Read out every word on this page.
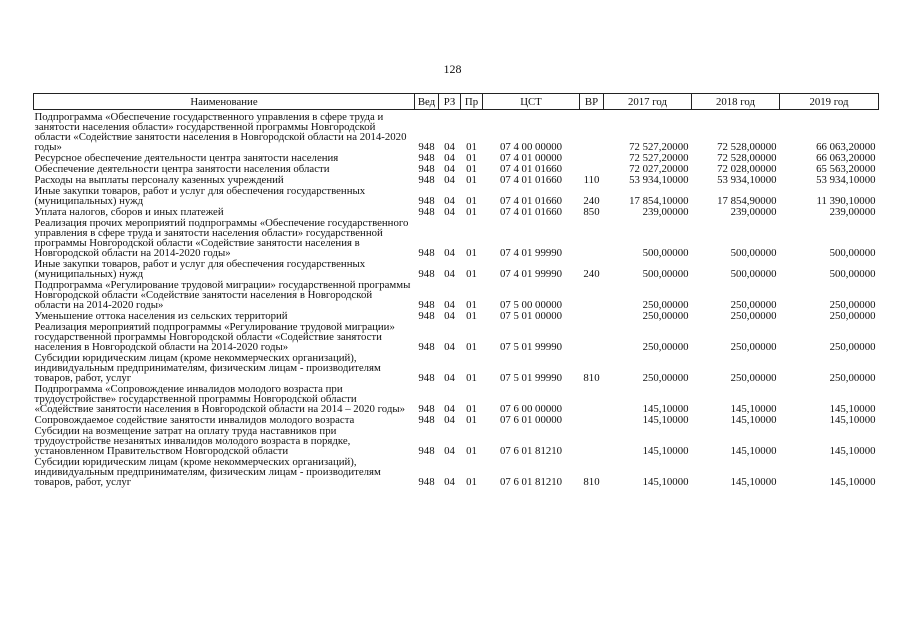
128
Наименование	Вед	РЗ	Пр	ЦСТ	ВР	2017 год	2018 год	2019 год
Подпрограмма «Обеспечение государственного управления в сфере труда и занятости населения области» государственной программы Новгородской области «Содействие занятости населения в Новгородской области на 2014-2020 годы»	948	04	01	07 4 00 00000		72 527,20000	72 528,00000	66 063,20000
Ресурсное обеспечение деятельности центра занятости населения	948	04	01	07 4 01 00000		72 527,20000	72 528,00000	66 063,20000
Обеспечение деятельности центра занятости населения области	948	04	01	07 4 01 01660		72 027,20000	72 028,00000	65 563,20000
Расходы на выплаты персоналу казенных учреждений	948	04	01	07 4 01 01660	110	53 934,10000	53 934,10000	53 934,10000
Иные закупки товаров, работ и услуг для обеспечения государственных (муниципальных) нужд	948	04	01	07 4 01 01660	240	17 854,10000	17 854,90000	11 390,10000
Уплата налогов, сборов и иных платежей	948	04	01	07 4 01 01660	850	239,00000	239,00000	239,00000
Реализация прочих мероприятий подпрограммы «Обеспечение государственного управления в сфере труда и занятости населения области» государственной программы Новгородской области «Содействие занятости населения в Новгородской области на 2014-2020 годы»	948	04	01	07 4 01 99990		500,00000	500,00000	500,00000
Иные закупки товаров, работ и услуг для обеспечения государственных (муниципальных) нужд	948	04	01	07 4 01 99990	240	500,00000	500,00000	500,00000
Подпрограмма «Регулирование трудовой миграции» государственной программы Новгородской области «Содействие занятости населения в Новгородской области на 2014-2020 годы»	948	04	01	07 5 00 00000		250,00000	250,00000	250,00000
Уменьшение оттока населения из сельских территорий	948	04	01	07 5 01 00000		250,00000	250,00000	250,00000
Реализация мероприятий подпрограммы «Регулирование трудовой миграции» государственной программы Новгородской области «Содействие занятости населения в Новгородской области на 2014-2020 годы»	948	04	01	07 5 01 99990		250,00000	250,00000	250,00000
Субсидии юридическим лицам (кроме некоммерческих организаций), индивидуальным предпринимателям, физическим лицам - производителям товаров, работ, услуг	948	04	01	07 5 01 99990	810	250,00000	250,00000	250,00000
Подпрограмма «Сопровождение инвалидов молодого возраста при трудоустройстве» государственной программы Новгородской области «Содействие занятости населения в Новгородской области на 2014 – 2020 годы»	948	04	01	07 6 00 00000		145,10000	145,10000	145,10000
Сопровождаемое содействие занятости инвалидов молодого возраста	948	04	01	07 6 01 00000		145,10000	145,10000	145,10000
Субсидии на возмещение затрат на оплату труда наставников при трудоустройстве незанятых инвалидов молодого возраста в порядке, установленном Правительством Новгородской области	948	04	01	07 6 01 81210		145,10000	145,10000	145,10000
Субсидии юридическим лицам (кроме некоммерческих организаций), индивидуальным предпринимателям, физическим лицам - производителям товаров, работ, услуг	948	04	01	07 6 01 81210	810	145,10000	145,10000	145,10000
